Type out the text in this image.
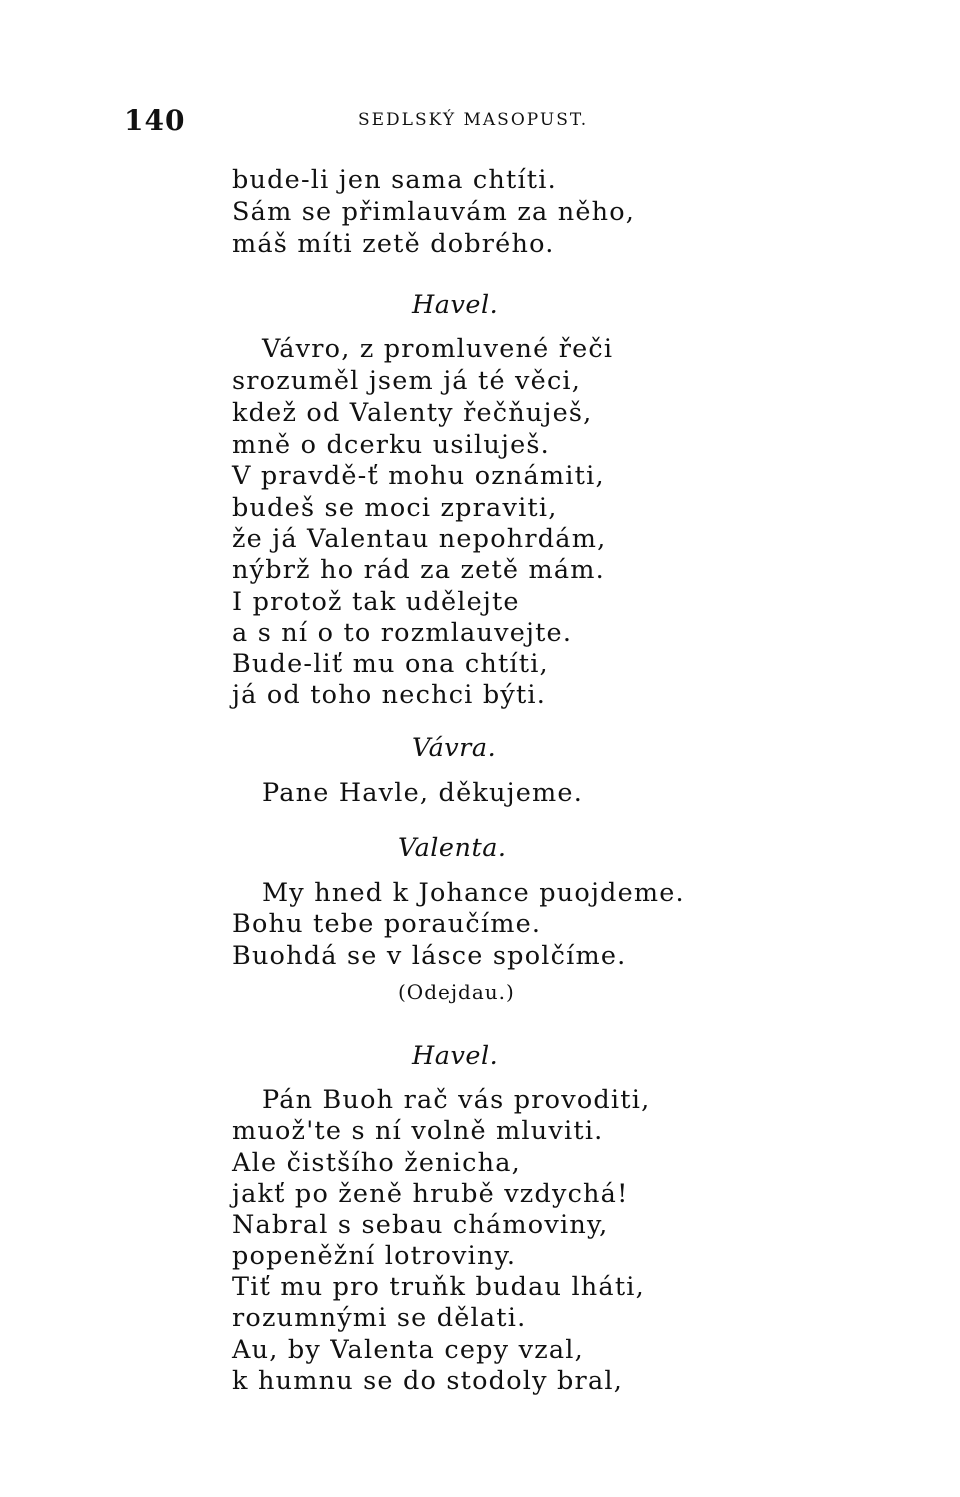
140	SEDLSKÝ MASOPUST.
bude-li jen sama chtíti.
Sám se přimlauvám za něho,
máš míti zetě dobrého.
Havel.
Vávro, z promluvené řeči
srozuměl jsem já té věci,
kdež od Valenty řečňuješ,
mně o dcerku usiluješ.
V pravdě-ť mohu oznámiti,
budeš se moci zpraviti,
že já Valentau nepohrdám,
nýbrž ho rád za zetě mám.
I protož tak udělejte
a s ní o to rozmlauvejte.
Bude-liť mu ona chtíti,
já od toho nechci býti.
Vávra.
Pane Havle, děkujeme.
Valenta.
My hned k Johance puojdeme.
Bohu tebe poraučíme.
Buohdá se v lásce spolčíme.
(Odejdau.)
Havel.
Pán Buoh rač vás provoditi,
muož'te s ní volně mluviti.
Ale čistšího ženicha,
jakť po ženě hrubě vzdychá!
Nabral s sebau chámoviny,
popeněžní lotroviny.
Tiť mu pro truňk budau lháti,
rozumnými se dělati.
Au, by Valenta cepy vzal,
k humnu se do stodoly bral,
